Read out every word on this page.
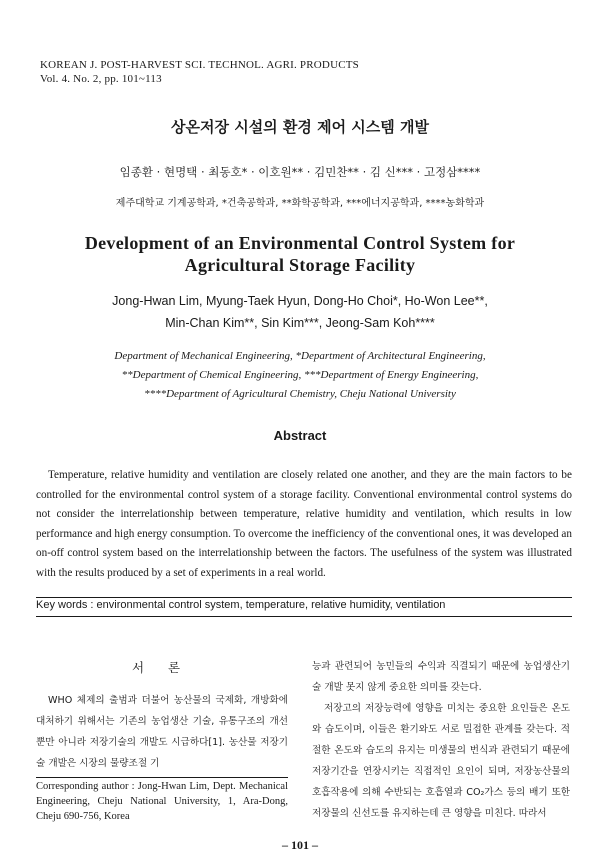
KOREAN J. POST-HARVEST SCI. TECHNOL. AGRI. PRODUCTS
Vol. 4. No. 2, pp. 101~113
상온저장 시설의 환경 제어 시스템 개발
임종환 · 현명택 · 최동호* · 이호원** · 김민찬** · 김 신*** · 고정삼****
제주대학교 기계공학과, *건축공학과, **화학공학과, ***에너지공학과, ****농화학과
Development of an Environmental Control System for
Agricultural Storage Facility
Jong-Hwan Lim, Myung-Taek Hyun, Dong-Ho Choi*, Ho-Won Lee**,
Min-Chan Kim**, Sin Kim***, Jeong-Sam Koh****
Department of Mechanical Engineering, *Department of Architectural Engineering,
**Department of Chemical Engineering, ***Department of Energy Engineering,
****Department of Agricultural Chemistry, Cheju National University
Abstract

Temperature, relative humidity and ventilation are closely related one another, and they are the main factors to be controlled for the environmental control system of a storage facility. Conventional environmental control systems do not consider the interrelationship between temperature, relative humidity and ventilation, which results in low performance and high energy consumption. To overcome the inefficiency of the conventional ones, it was developed an on-off control system based on the interrelationship between the factors. The usefulness of the system was illustrated with the results produced by a set of experiments in a real world.

Key words : environmental control system, temperature, relative humidity, ventilation
서 론

WHO 체제의 출범과 더불어 농산물의 국제화, 개방화에 대처하기 위해서는 기존의 농업생산 기술, 유통구조의 개선뿐만 아니라 저장기술의 개발도 시급하다[1]. 농산물 저장기술 개발은 시장의 물량조절 기

능과 관련되어 농민들의 수익과 직결되기 때문에 농업생산기술 개발 못지 않게 중요한 의미를 갖는다.

저장고의 저장능력에 영향을 미치는 중요한 요인들은 온도와 습도이며, 이들은 환기와도 서로 밀접한 관계를 갖는다. 적절한 온도와 습도의 유지는 미생물의 번식과 관련되기 때문에 저장기간을 연장시키는 직접적인 요인이 되며, 저장농산물의 호흡작용에 의해 수반되는 호흡열과 CO₂가스 등의 배기 또한 저장물의 신선도를 유지하는데 큰 영향을 미친다. 따라서

Corresponding author : Jong-Hwan Lim, Dept. Mechanical Engineering, Cheju National University, 1, Ara-Dong, Cheju 690-756, Korea

– 101 –
